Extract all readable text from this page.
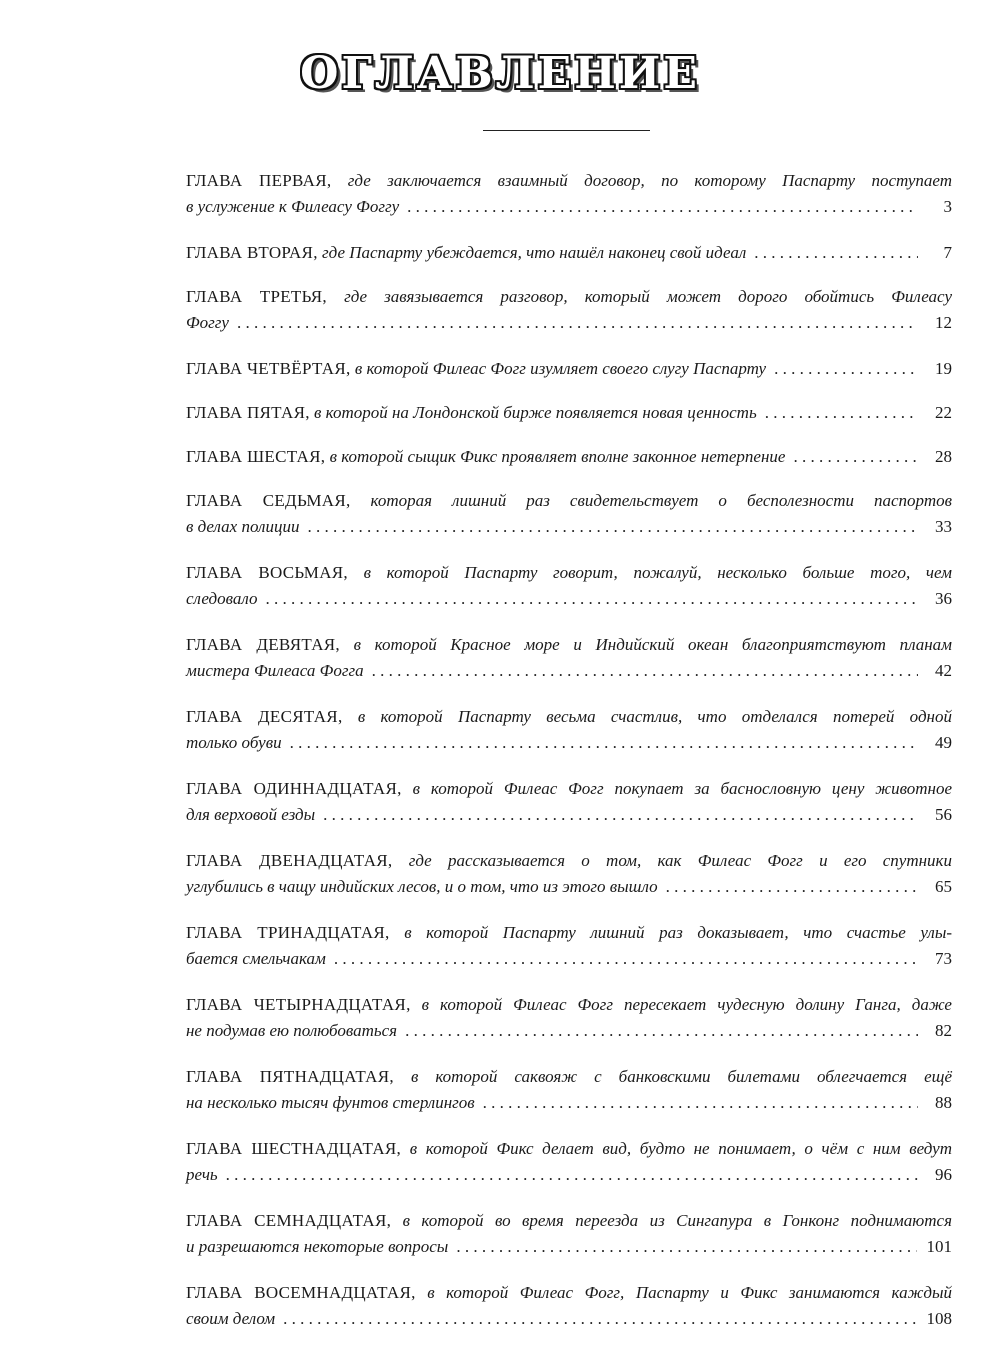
ОГЛАВЛЕНИЕ
ГЛАВА ПЕРВАЯ, где заключается взаимный договор, по которому Паспарту поступает
в услужение к Филеасу Фоггу . . .	3
ГЛАВА ВТОРАЯ, где Паспарту убеждается, что нашёл наконец свой идеал . . .	7
ГЛАВА ТРЕТЬЯ, где завязывается разговор, который может дорого обойтись Филеасу
Фоггу . . .	12
ГЛАВА ЧЕТВЁРТАЯ, в которой Филеас Фогг изумляет своего слугу Паспарту . . .	19
ГЛАВА ПЯТАЯ, в которой на Лондонской бирже появляется новая ценность . . .	22
ГЛАВА ШЕСТАЯ, в которой сыщик Фикс проявляет вполне законное нетерпение . . .	28
ГЛАВА СЕДЬМАЯ, которая лишний раз свидетельствует о бесполезности паспортов
в делах полиции . . .	33
ГЛАВА ВОСЬМАЯ, в которой Паспарту говорит, пожалуй, несколько больше того, чем
следовало . . .	36
ГЛАВА ДЕВЯТАЯ, в которой Красное море и Индийский океан благоприятствуют планам
мистера Филеаса Фогга . . .	42
ГЛАВА ДЕСЯТАЯ, в которой Паспарту весьма счастлив, что отделался потерей одной
только обуви . . .	49
ГЛАВА ОДИННАДЦАТАЯ, в которой Филеас Фогг покупает за баснословную цену животное
для верховой езды . . .	56
ГЛАВА ДВЕНАДЦАТАЯ, где рассказывается о том, как Филеас Фогг и его спутники
углубились в чащу индийских лесов, и о том, что из этого вышло . . .	65
ГЛАВА ТРИНАДЦАТАЯ, в которой Паспарту лишний раз доказывает, что счастье улы-
бается смельчакам . . .	73
ГЛАВА ЧЕТЫРНАДЦАТАЯ, в которой Филеас Фогг пересекает чудесную долину Ганга, даже
не подумав ею полюбоваться . . .	82
ГЛАВА ПЯТНАДЦАТАЯ, в которой саквояж с банковскими билетами облегчается ещё
на несколько тысяч фунтов стерлингов . . .	88
ГЛАВА ШЕСТНАДЦАТАЯ, в которой Фикс делает вид, будто не понимает, о чём с ним ведут
речь . . .	96
ГЛАВА СЕМНАДЦАТАЯ, в которой во время переезда из Сингапура в Гонконг поднимаются
и разрешаются некоторые вопросы . . .	101
ГЛАВА ВОСЕМНАДЦАТАЯ, в которой Филеас Фогг, Паспарту и Фикс занимаются каждый
своим делом . . .	108
